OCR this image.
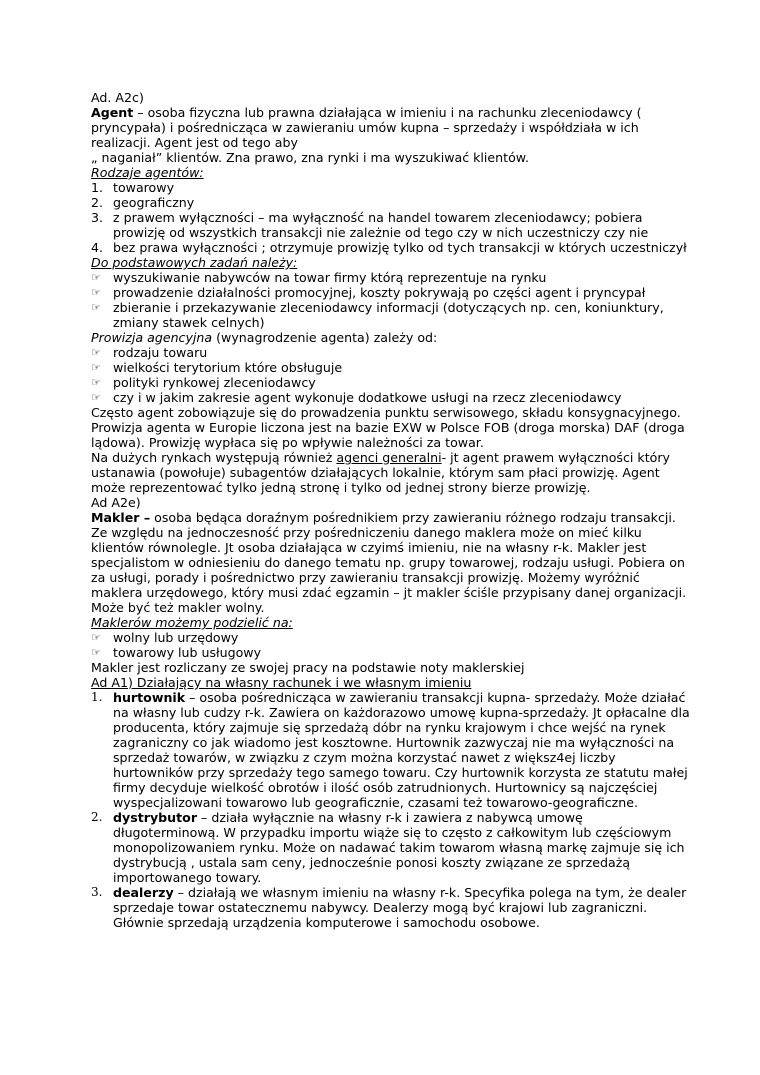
Ad. A2c)

Agent – osoba fizyczna lub prawna działająca w imieniu i na rachunku zleceniodawcy ( pryncypała) i pośrednicząca w zawieraniu umów kupna – sprzedaży i współdziała w ich realizacji. Agent jest od tego aby

„ naganiał” klientów. Zna prawo, zna rynki i ma wyszukiwać klientów.

Rodzaje agentów:

1. towarowy
2. geograficzny
3. z prawem wyłączności – ma wyłączność na handel towarem zleceniodawcy; pobiera prowizję od wszystkich transakcji nie zależnie od tego czy w nich uczestniczy czy nie
4. bez prawa wyłączności ; otrzymuje prowizję tylko od tych transakcji w których uczestniczył

Do podstawowych zadań należy:

☞ wyszukiwanie nabywców na towar firmy którą reprezentuje na rynku
☞ prowadzenie działalności promocyjnej, koszty pokrywają po części agent i pryncypał
☞ zbieranie i przekazywanie zleceniodawcy informacji (dotyczących np. cen, koniunktury, zmiany stawek celnych)

Prowizja agencyjna (wynagrodzenie agenta) zależy od:

☞ rodzaju towaru
☞ wielkości terytorium które obsługuje
☞ polityki rynkowej zleceniodawcy
☞ czy i w jakim zakresie agent wykonuje dodatkowe usługi na rzecz zleceniodawcy

Często agent zobowiązuje się do prowadzenia punktu serwisowego, składu konsygnacyjnego.

Prowizja agenta w Europie liczona jest na bazie EXW w Polsce FOB (droga morska) DAF (droga lądowa). Prowizję wypłaca się po wpływie należności za towar.

Na dużych rynkach występują również agenci generalni- jt agent prawem wyłączności który ustanawia (powołuje) subagentów działających lokalnie, którym sam płaci prowizję. Agent może reprezentować tylko jedną stronę i tylko od jednej strony bierze prowizję.

Ad A2e)

Makler – osoba będąca doraźnym pośrednikiem przy zawieraniu różnego rodzaju transakcji. Ze względu na jednoczesność przy pośredniczeniu danego maklera może on mieć kilku klientów równolegle. Jt osoba działająca w czyimś imieniu, nie na własny r-k. Makler jest specjalistom w odniesieniu do danego tematu np. grupy towarowej, rodzaju usługi. Pobiera on za usługi, porady i pośrednictwo przy zawieraniu transakcji prowizję. Możemy wyróżnić maklera urzędowego, który musi zdać egzamin – jt makler ściśle przypisany danej organizacji. Może być też makler wolny.

Maklerów możemy podzielić na:

☞ wolny lub urzędowy
☞ towarowy lub usługowy

Makler jest rozliczany ze swojej pracy na podstawie noty maklerskiej

Ad A1) Działający na własny rachunek i we własnym imieniu

1. hurtownik – osoba pośrednicząca w zawieraniu transakcji kupna- sprzedaży. Może działać na własny lub cudzy r-k. Zawiera on każdorazowo umowę kupna-sprzedaży. Jt opłacalne dla producenta, który zajmuje się sprzedażą dóbr na rynku krajowym i chce wejść na rynek zagraniczny co jak wiadomo jest kosztowne. Hurtownik zazwyczaj nie ma wyłączności na sprzedaż towarów, w związku z czym można korzystać nawet z większ4ej liczby hurtowników przy sprzedaży tego samego towaru. Czy hurtownik korzysta ze statutu małej firmy decyduje wielkość obrotów i ilość osób zatrudnionych. Hurtownicy są najczęściej wyspecjalizowani towarowo lub geograficznie, czasami też towarowo-geograficzne.
2. dystrybutor – działa wyłącznie na własny r-k i zawiera z nabywcą umowę długoterminową. W przypadku importu wiąże się to często z całkowitym lub częściowym monopolizowaniem rynku. Może on nadawać takim towarom własną markę zajmuje się ich dystrybucją , ustala sam ceny, jednocześnie ponosi koszty związane ze sprzedażą importowanego towary.
3. dealerzy – działają we własnym imieniu na własny r-k. Specyfika polega na tym, że dealer sprzedaje towar ostatecznemu nabywcy. Dealerzy mogą być krajowi lub zagraniczni. Głównie sprzedają urządzenia komputerowe i samochodu osobowe.
